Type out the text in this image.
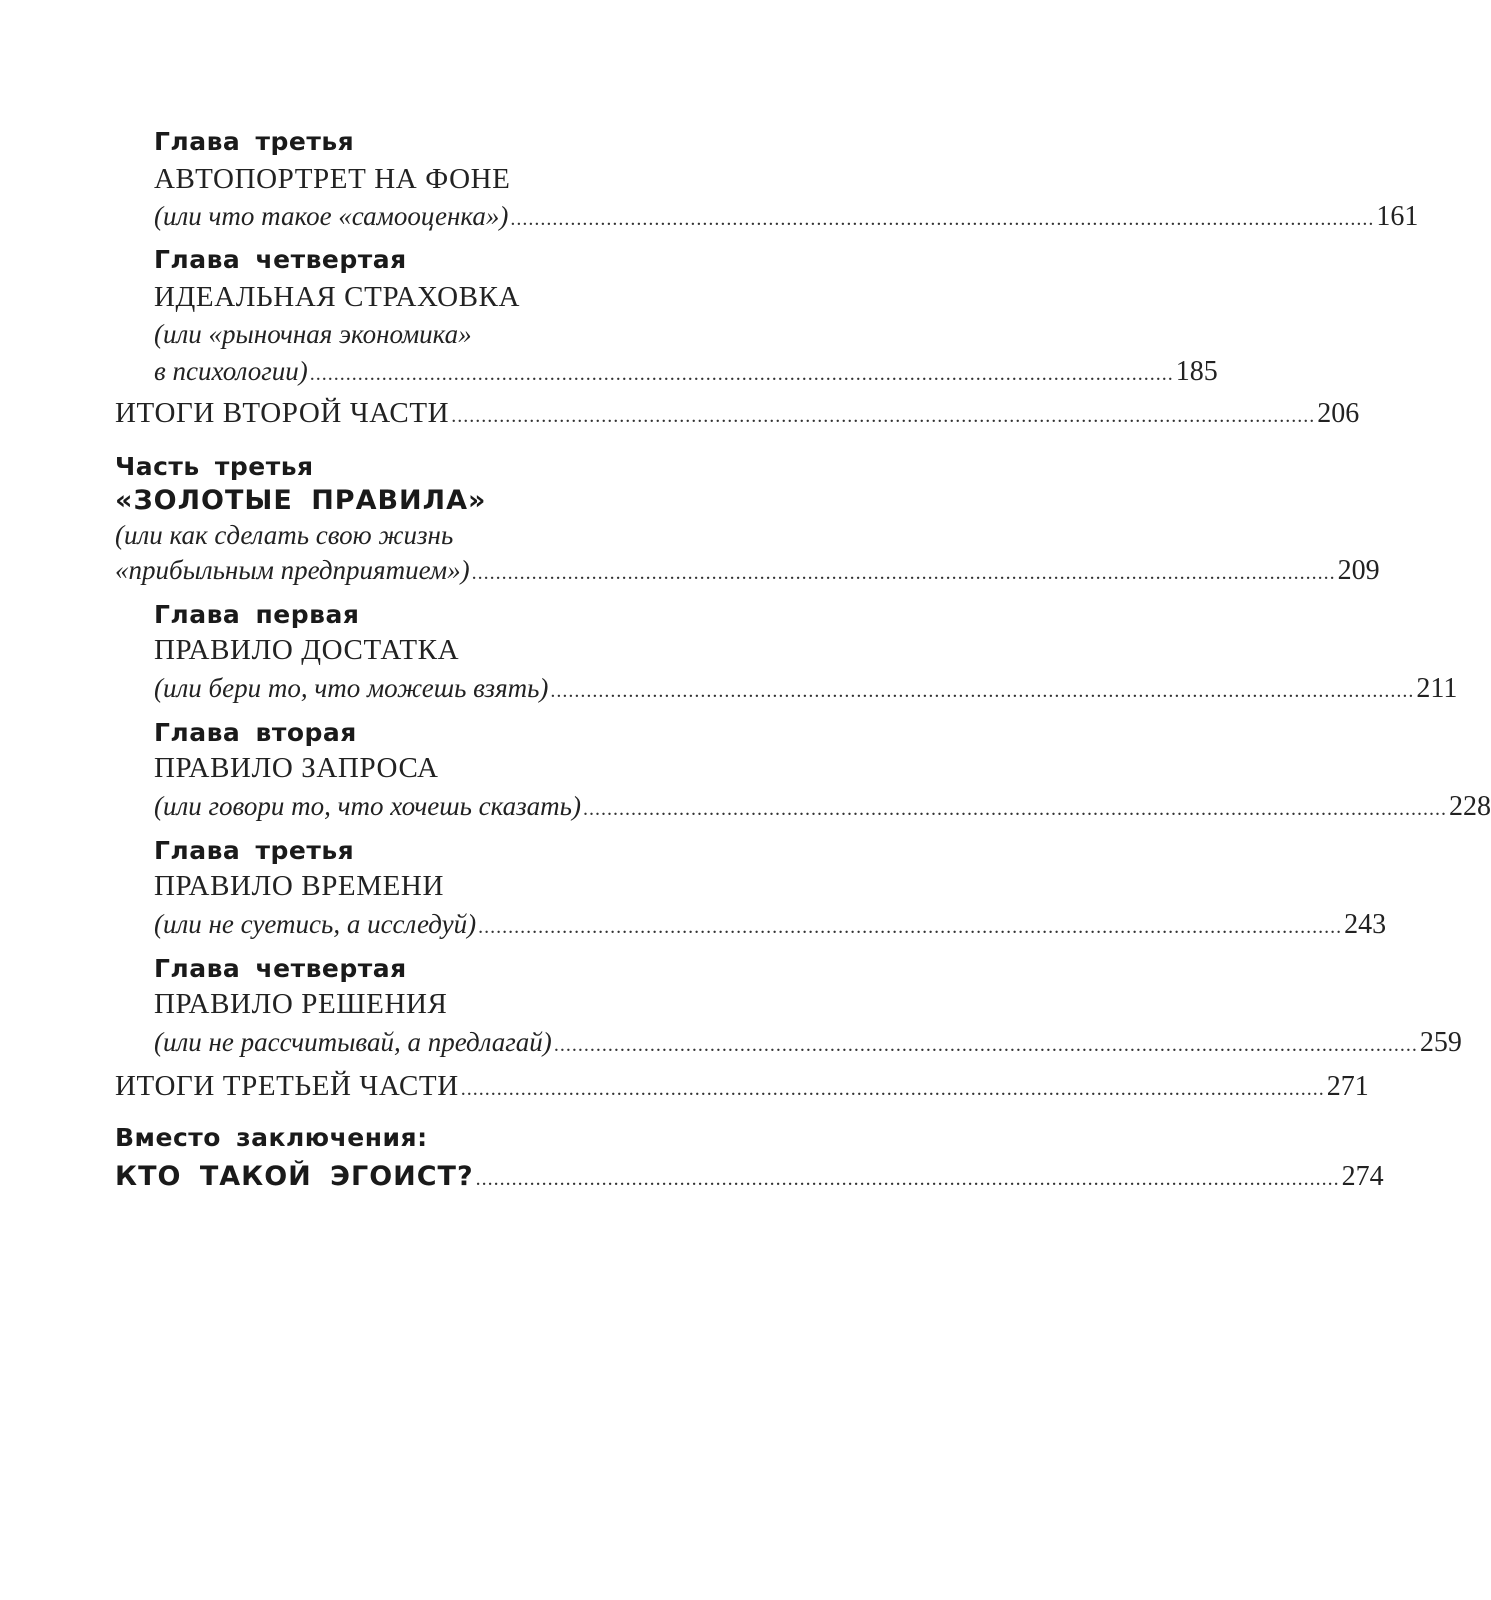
Глава третья
АВТОПОРТРЕТ НА ФОНЕ
(или что такое «самооценка») ................................................................................................................................................ 161
Глава четвертая
ИДЕАЛЬНАЯ СТРАХОВКА
(или «рыночная экономика»
в психологии) ................................................................................................................................................ 185
ИТОГИ ВТОРОЙ ЧАСТИ ................................................................................................................................................ 206
Часть третья
«ЗОЛОТЫЕ ПРАВИЛА»
(или как сделать свою жизнь
«прибыльным предприятием») ................................................................................................................................................ 209
Глава первая
ПРАВИЛО ДОСТАТКА
(или бери то, что можешь взять) ................................................................................................................................................ 211
Глава вторая
ПРАВИЛО ЗАПРОСА
(или говори то, что хочешь сказать) ................................................................................................................................................ 228
Глава третья
ПРАВИЛО ВРЕМЕНИ
(или не суетись, а исследуй) ................................................................................................................................................ 243
Глава четвертая
ПРАВИЛО РЕШЕНИЯ
(или не рассчитывай, а предлагай) ................................................................................................................................................ 259
ИТОГИ ТРЕТЬЕЙ ЧАСТИ ................................................................................................................................................ 271
Вместо заключения:
КТО ТАКОЙ ЭГОИСТ? ................................................................................................................................................ 274
